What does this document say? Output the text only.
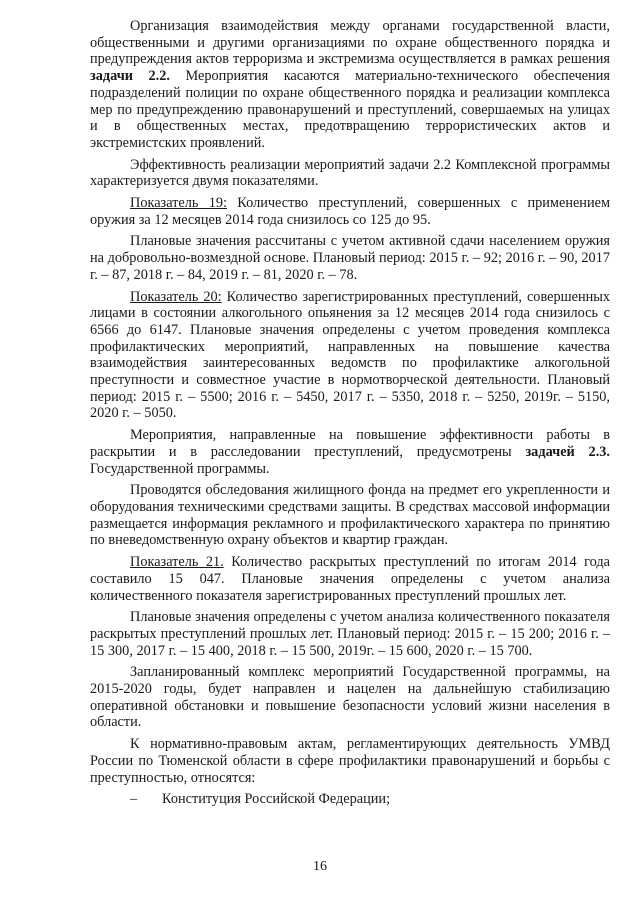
Организация взаимодействия между органами государственной власти, общественными и другими организациями по охране общественного порядка и предупреждения актов терроризма и экстремизма осуществляется в рамках решения задачи 2.2. Мероприятия касаются материально-технического обеспечения подразделений полиции по охране общественного порядка и реализации комплекса мер по предупреждению правонарушений и преступлений, совершаемых на улицах и в общественных местах, предотвращению террористических актов и экстремистских проявлений.

Эффективность реализации мероприятий задачи 2.2 Комплексной программы характеризуется двумя показателями.

Показатель 19: Количество преступлений, совершенных с применением оружия за 12 месяцев 2014 года снизилось со 125 до 95.

Плановые значения рассчитаны с учетом активной сдачи населением оружия на добровольно-возмездной основе. Плановый период: 2015 г. – 92; 2016 г. – 90, 2017 г. – 87, 2018 г. – 84, 2019 г. – 81, 2020 г. – 78.

Показатель 20: Количество зарегистрированных преступлений, совершенных лицами в состоянии алкогольного опьянения за 12 месяцев 2014 года снизилось с 6566 до 6147. Плановые значения определены с учетом проведения комплекса профилактических мероприятий, направленных на повышение качества взаимодействия заинтересованных ведомств по профилактике алкогольной преступности и совместное участие в нормотворческой деятельности. Плановый период: 2015 г. – 5500; 2016 г. – 5450, 2017 г. – 5350, 2018 г. – 5250, 2019г. – 5150, 2020 г. – 5050.

Мероприятия, направленные на повышение эффективности работы в раскрытии и в расследовании преступлений, предусмотрены задачей 2.3. Государственной программы.

Проводятся обследования жилищного фонда на предмет его укрепленности и оборудования техническими средствами защиты. В средствах массовой информации размещается информация рекламного и профилактического характера по принятию по вневедомственную охрану объектов и квартир граждан.

Показатель 21. Количество раскрытых преступлений по итогам 2014 года составило 15 047. Плановые значения определены с учетом анализа количественного показателя зарегистрированных преступлений прошлых лет.

Плановые значения определены с учетом анализа количественного показателя раскрытых преступлений прошлых лет. Плановый период: 2015 г. – 15 200; 2016 г. – 15 300, 2017 г. – 15 400, 2018 г. – 15 500, 2019г. – 15 600, 2020 г. – 15 700.

Запланированный комплекс мероприятий Государственной программы, на 2015-2020 годы, будет направлен и нацелен на дальнейшую стабилизацию оперативной обстановки и повышение безопасности условий жизни населения в области.

К нормативно-правовым актам, регламентирующих деятельность УМВД России по Тюменской области в сфере профилактики правонарушений и борьбы с преступностью, относятся:

–	Конституция Российской Федерации;
16
